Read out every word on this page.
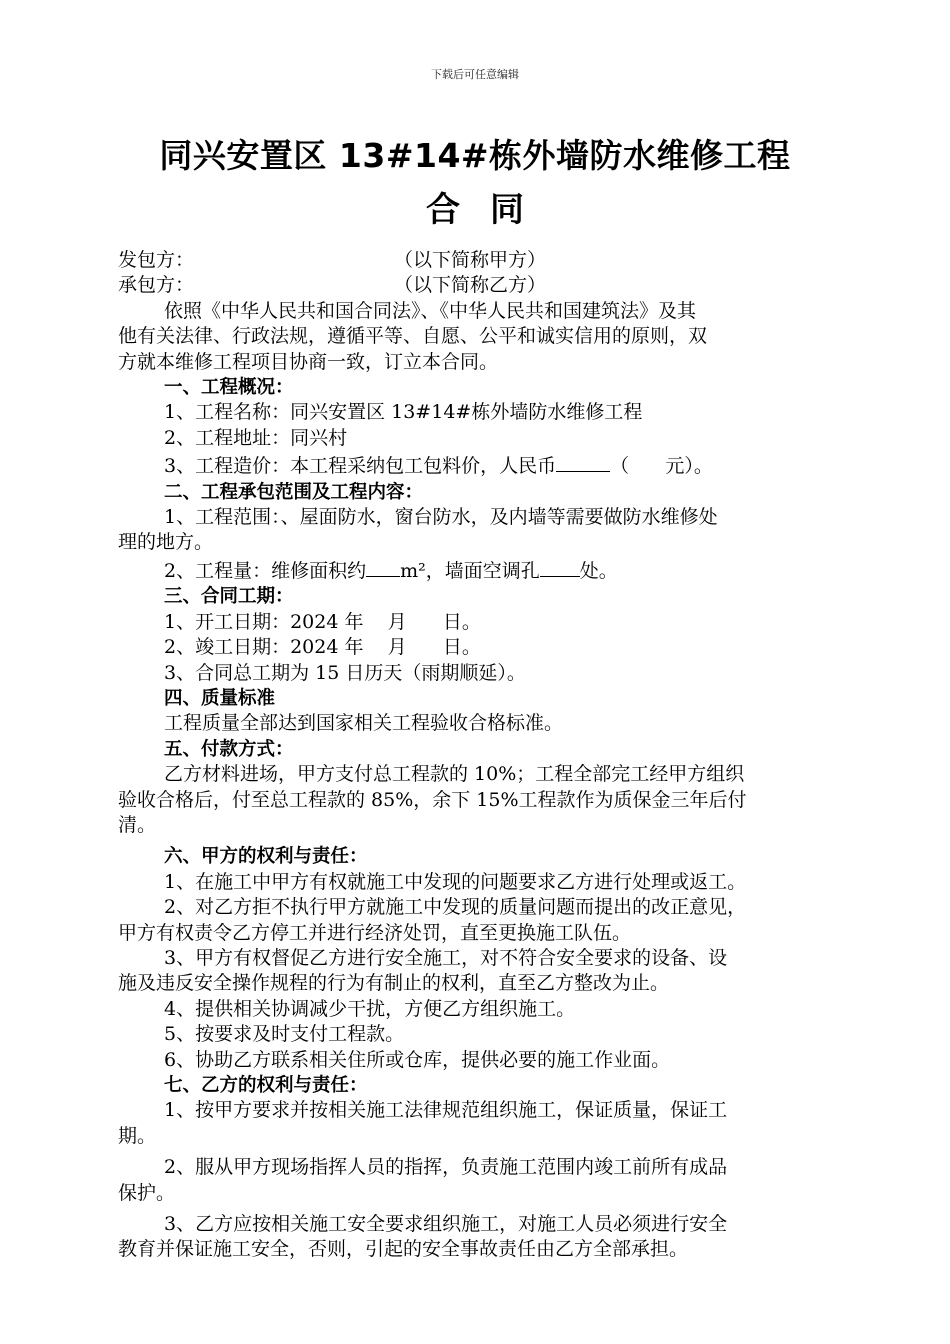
下载后可任意编辑
同兴安置区 13#14#栋外墙防水维修工程
合同
发包方：	（以下简称甲方）
承包方：	（以下简称乙方）
依照《中华人民共和国合同法》、《中华人民共和国建筑法》及其
他有关法律、行政法规，遵循平等、自愿、公平和诚实信用的原则，双
方就本维修工程项目协商一致，订立本合同。
一、工程概况：
1、工程名称：同兴安置区 13#14#栋外墙防水维修工程
2、工程地址：同兴村
3、工程造价：本工程采纳包工包料价，人民币	（      元）。
二、工程承包范围及工程内容：
1、工程范围：、屋面防水，窗台防水，及内墙等需要做防水维修处
理的地方。
2、工程量：维修面积约 m²，墙面空调孔 处。
三、合同工期：
1、开工日期：2024 年    月      日。
2、竣工日期：2024 年    月      日。
3、合同总工期为 15 日历天（雨期顺延）。
四、质量标准
工程质量全部达到国家相关工程验收合格标准。
五、付款方式：
乙方材料进场，甲方支付总工程款的 10%；工程全部完工经甲方组织
验收合格后，付至总工程款的 85%，余下 15%工程款作为质保金三年后付
清。
六、甲方的权利与责任：
1、在施工中甲方有权就施工中发现的问题要求乙方进行处理或返工。
2、对乙方拒不执行甲方就施工中发现的质量问题而提出的改正意见，
甲方有权责令乙方停工并进行经济处罚，直至更换施工队伍。
3、甲方有权督促乙方进行安全施工，对不符合安全要求的设备、设
施及违反安全操作规程的行为有制止的权利，直至乙方整改为止。
4、提供相关协调减少干扰，方便乙方组织施工。
5、按要求及时支付工程款。
6、协助乙方联系相关住所或仓库，提供必要的施工作业面。
七、乙方的权利与责任：
1、按甲方要求并按相关施工法律规范组织施工，保证质量，保证工
期。
2、服从甲方现场指挥人员的指挥，负责施工范围内竣工前所有成品
保护。
3、乙方应按相关施工安全要求组织施工，对施工人员必须进行安全
教育并保证施工安全，否则，引起的安全事故责任由乙方全部承担。
